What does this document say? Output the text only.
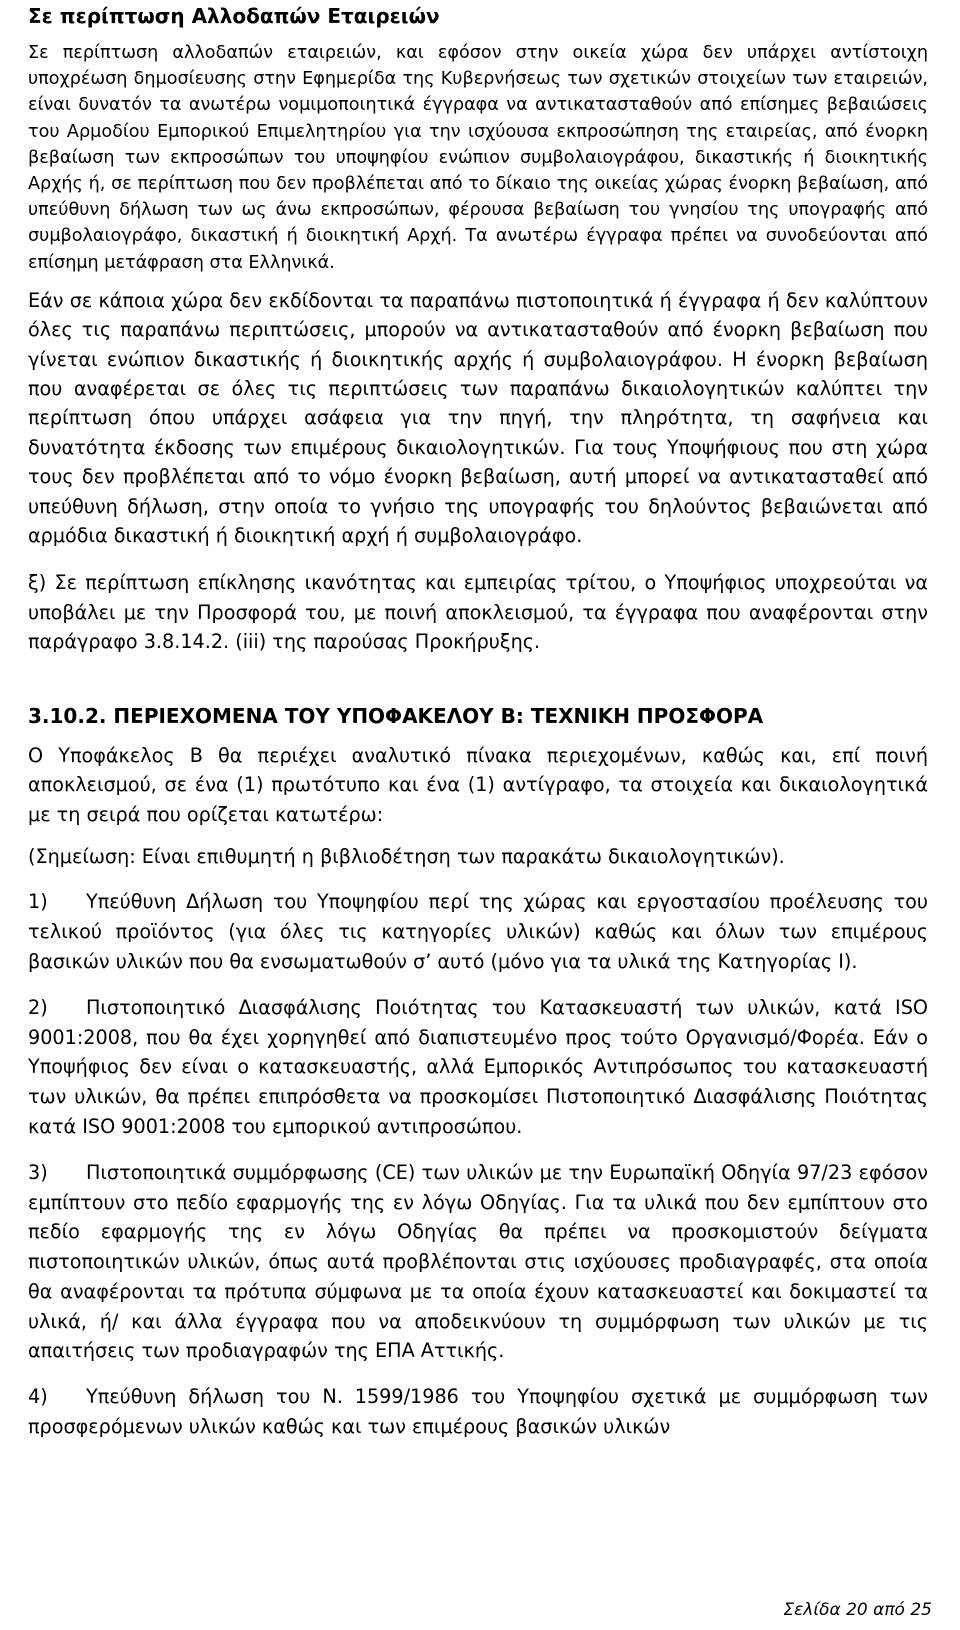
Σε περίπτωση Αλλοδαπών Εταιρειών

Σε περίπτωση αλλοδαπών εταιρειών, και εφόσον στην οικεία χώρα δεν υπάρχει αντίστοιχη υποχρέωση δημοσίευσης στην Εφημερίδα της Κυβερνήσεως των σχετικών στοιχείων των εταιρειών, είναι δυνατόν τα ανωτέρω νομιμοποιητικά έγγραφα να αντικατασταθούν από επίσημες βεβαιώσεις του Αρμοδίου Εμπορικού Επιμελητηρίου για την ισχύουσα εκπροσώπηση της εταιρείας, από ένορκη βεβαίωση των εκπροσώπων του υποψηφίου ενώπιον συμβολαιογράφου, δικαστικής ή διοικητικής Αρχής ή, σε περίπτωση που δεν προβλέπεται από το δίκαιο της οικείας χώρας ένορκη βεβαίωση, από υπεύθυνη δήλωση των ως άνω εκπροσώπων, φέρουσα βεβαίωση του γνησίου της υπογραφής από συμβολαιογράφο, δικαστική ή διοικητική Αρχή. Τα ανωτέρω έγγραφα πρέπει να συνοδεύονται από επίσημη μετάφραση στα Ελληνικά.

Εάν σε κάποια χώρα δεν εκδίδονται τα παραπάνω πιστοποιητικά ή έγγραφα ή δεν καλύπτουν όλες τις παραπάνω περιπτώσεις, μπορούν να αντικατασταθούν από ένορκη βεβαίωση που γίνεται ενώπιον δικαστικής ή διοικητικής αρχής ή συμβολαιογράφου. Η ένορκη βεβαίωση που αναφέρεται σε όλες τις περιπτώσεις των παραπάνω δικαιολογητικών καλύπτει την περίπτωση όπου υπάρχει ασάφεια για την πηγή, την πληρότητα, τη σαφήνεια και δυνατότητα έκδοσης των επιμέρους δικαιολογητικών. Για τους Υποψήφιους που στη χώρα τους δεν προβλέπεται από το νόμο ένορκη βεβαίωση, αυτή μπορεί να αντικατασταθεί από υπεύθυνη δήλωση, στην οποία το γνήσιο της υπογραφής του δηλούντος βεβαιώνεται από αρμόδια δικαστική ή διοικητική αρχή ή συμβολαιογράφο.

ξ) Σε περίπτωση επίκλησης ικανότητας και εμπειρίας τρίτου, ο Υποψήφιος υποχρεούται να υποβάλει με την Προσφορά του, με ποινή αποκλεισμού, τα έγγραφα που αναφέρονται στην παράγραφο 3.8.14.2. (iii) της παρούσας Προκήρυξης.

3.10.2. ΠΕΡΙΕΧΟΜΕΝΑ ΤΟΥ ΥΠΟΦΑΚΕΛΟΥ Β: ΤΕΧΝΙΚΗ ΠΡΟΣΦΟΡΑ

Ο Υποφάκελος Β θα περιέχει αναλυτικό πίνακα περιεχομένων, καθώς και, επί ποινή αποκλεισμού, σε ένα (1) πρωτότυπο και ένα (1) αντίγραφο, τα στοιχεία και δικαιολογητικά με τη σειρά που ορίζεται κατωτέρω:

(Σημείωση: Είναι επιθυμητή η βιβλιοδέτηση των παρακάτω δικαιολογητικών).

1) Υπεύθυνη Δήλωση του Υποψηφίου περί της χώρας και εργοστασίου προέλευσης του τελικού προϊόντος (για όλες τις κατηγορίες υλικών) καθώς και όλων των επιμέρους βασικών υλικών που θα ενσωματωθούν σ’ αυτό (μόνο για τα υλικά της Κατηγορίας Ι).
2) Πιστοποιητικό Διασφάλισης Ποιότητας του Κατασκευαστή των υλικών, κατά ISO 9001:2008, που θα έχει χορηγηθεί από διαπιστευμένο προς τούτο Οργανισμό/Φορέα. Εάν ο Υποψήφιος δεν είναι ο κατασκευαστής, αλλά Εμπορικός Αντιπρόσωπος του κατασκευαστή των υλικών, θα πρέπει επιπρόσθετα να προσκομίσει Πιστοποιητικό Διασφάλισης Ποιότητας κατά ISO 9001:2008 του εμπορικού αντιπροσώπου.
3) Πιστοποιητικά συμμόρφωσης (CE) των υλικών με την Ευρωπαϊκή Οδηγία 97/23 εφόσον εμπίπτουν στο πεδίο εφαρμογής της εν λόγω Οδηγίας. Για τα υλικά που δεν εμπίπτουν στο πεδίο εφαρμογής της εν λόγω Οδηγίας θα πρέπει να προσκομιστούν δείγματα πιστοποιητικών υλικών, όπως αυτά προβλέπονται στις ισχύουσες προδιαγραφές, στα οποία θα αναφέρονται τα πρότυπα σύμφωνα με τα οποία έχουν κατασκευαστεί και δοκιμαστεί τα υλικά, ή/ και άλλα έγγραφα που να αποδεικνύουν τη συμμόρφωση των υλικών με τις απαιτήσεις των προδιαγραφών της ΕΠΑ Αττικής.
4) Υπεύθυνη δήλωση του Ν. 1599/1986 του Υποψηφίου σχετικά με συμμόρφωση των προσφερόμενων υλικών καθώς και των επιμέρους βασικών υλικών
Σελίδα 20 από 25
